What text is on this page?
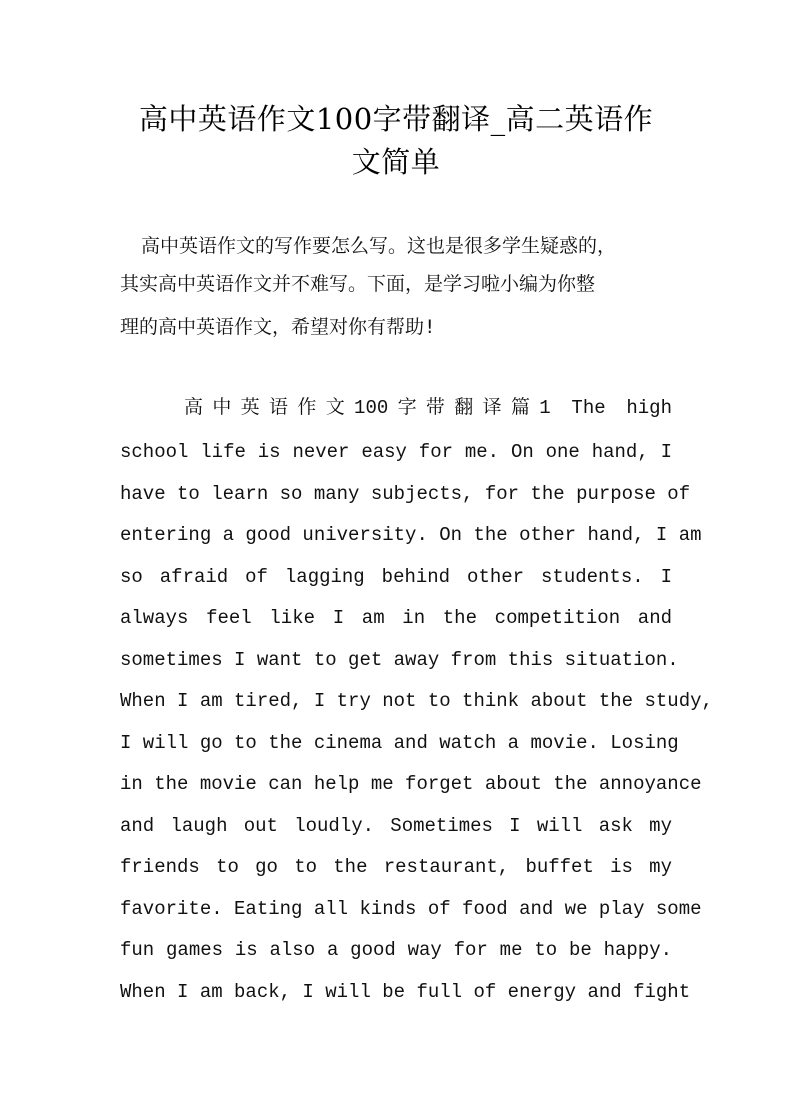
高中英语作文100字带翻译_高二英语作
文简单
高中英语作文的写作要怎么写。这也是很多学生疑惑的，
其实高中英语作文并不难写。下面，是学习啦小编为你整
理的高中英语作文，希望对你有帮助!
高中英语作文100字带翻译篇1 The high
school life is never easy for me. On one hand, I
have to learn so many subjects, for the purpose of
entering a good university. On the other hand, I am
so afraid of lagging behind other students. I
always feel like I am in the competition and
sometimes I want to get away from this situation.
When I am tired, I try not to think about the study,
I will go to the cinema and watch a movie. Losing
in the movie can help me forget about the annoyance
and laugh out loudly. Sometimes I will ask my
friends to go to the restaurant, buffet is my
favorite. Eating all kinds of food and we play some
fun games is also a good way for me to be happy.
When I am back, I will be full of energy and fight
